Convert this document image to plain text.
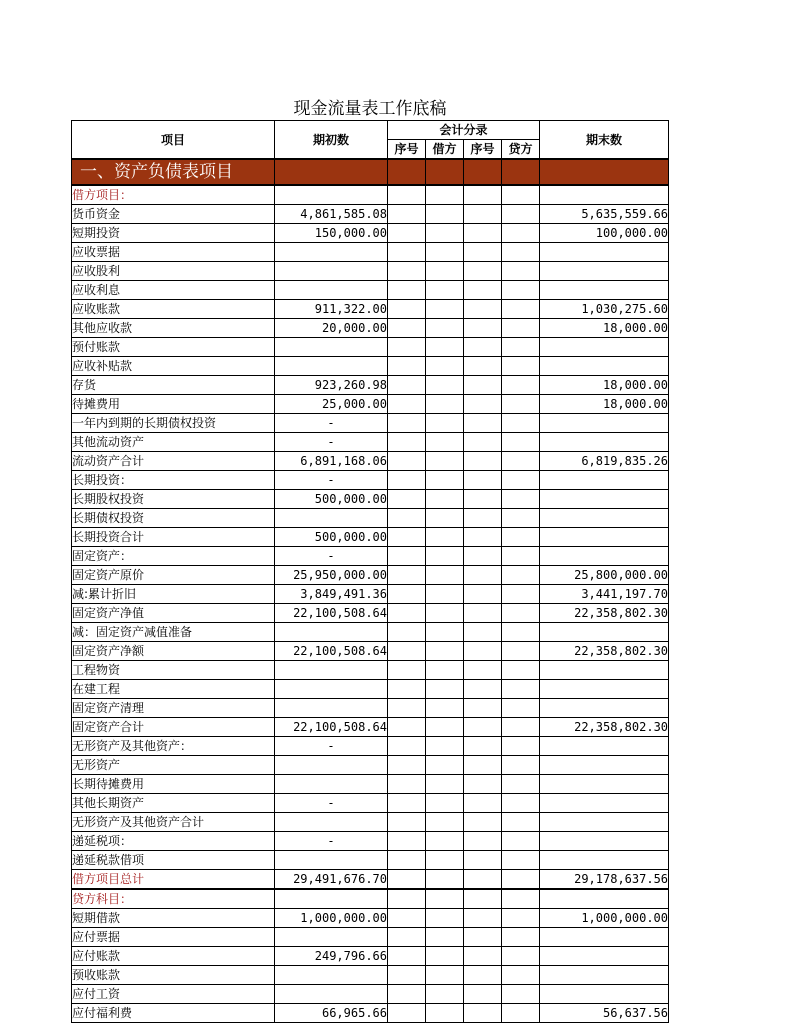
现金流量表工作底稿
项目	期初数	会计分录				期末数
		序号	借方	序号	贷方	
一、资产负债表项目						
借方项目：						
货币资金	4,861,585.08					5,635,559.66
短期投资	150,000.00					100,000.00
应收票据						
应收股利						
应收利息						
应收账款	911,322.00					1,030,275.60
其他应收款	20,000.00					18,000.00
预付账款						
应收补贴款						
存货	923,260.98					18,000.00
待摊费用	25,000.00					18,000.00
一年内到期的长期债权投资	-					
其他流动资产	-					
流动资产合计	6,891,168.06					6,819,835.26
长期投资：	-					
长期股权投资	500,000.00					
长期债权投资						
长期投资合计	500,000.00					
固定资产：	-					
固定资产原价	25,950,000.00					25,800,000.00
减:累计折旧	3,849,491.36					3,441,197.70
固定资产净值	22,100,508.64					22,358,802.30
减：固定资产减值准备						
固定资产净额	22,100,508.64					22,358,802.30
工程物资						
在建工程						
固定资产清理						
固定资产合计	22,100,508.64					22,358,802.30
无形资产及其他资产：	-					
无形资产						
长期待摊费用						
其他长期资产	-					
无形资产及其他资产合计						
递延税项：	-					
递延税款借项						
借方项目总计	29,491,676.70					29,178,637.56
贷方科目：						
短期借款	1,000,000.00					1,000,000.00
应付票据						
应付账款	249,796.66					
预收账款						
应付工资						
应付福利费	66,965.66					56,637.56
